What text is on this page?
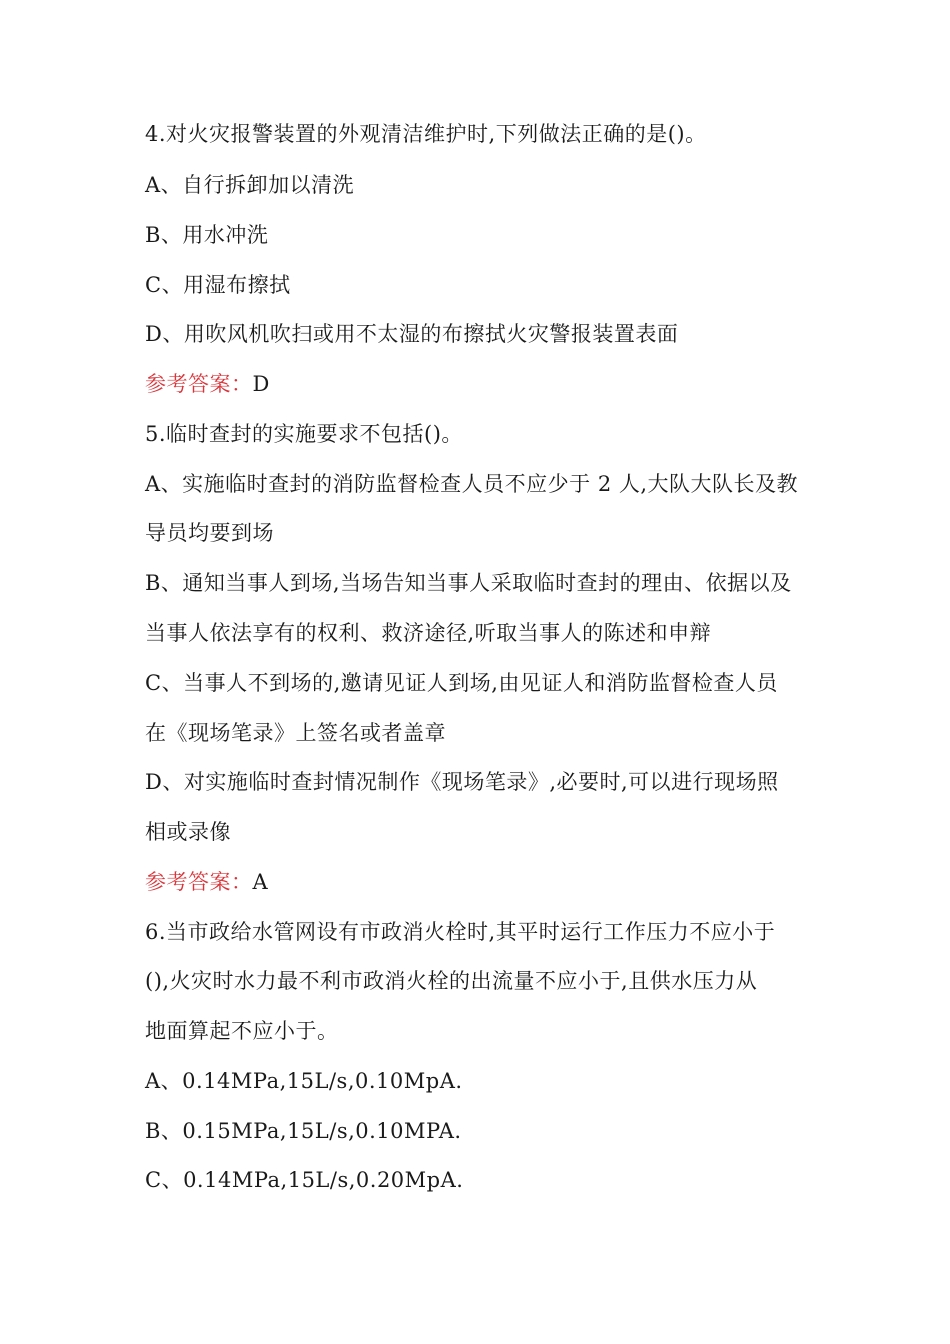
4.对火灾报警装置的外观清洁维护时,下列做法正确的是()。
A、自行拆卸加以清洗
B、用水冲洗
C、用湿布擦拭
D、用吹风机吹扫或用不太湿的布擦拭火灾警报装置表面
参考答案：D
5.临时查封的实施要求不包括()。
A、实施临时查封的消防监督检查人员不应少于 2 人,大队大队长及教
导员均要到场
B、通知当事人到场,当场告知当事人采取临时查封的理由、依据以及
当事人依法享有的权利、救济途径,听取当事人的陈述和申辩
C、当事人不到场的,邀请见证人到场,由见证人和消防监督检查人员
在《现场笔录》上签名或者盖章
D、对实施临时查封情况制作《现场笔录》,必要时,可以进行现场照
相或录像
参考答案：A
6.当市政给水管网设有市政消火栓时,其平时运行工作压力不应小于
(),火灾时水力最不利市政消火栓的出流量不应小于,且供水压力从
地面算起不应小于。
A、0.14MPa,15L/s,0.10MpA.
B、0.15MPa,15L/s,0.10MPA.
C、0.14MPa,15L/s,0.20MpA.
